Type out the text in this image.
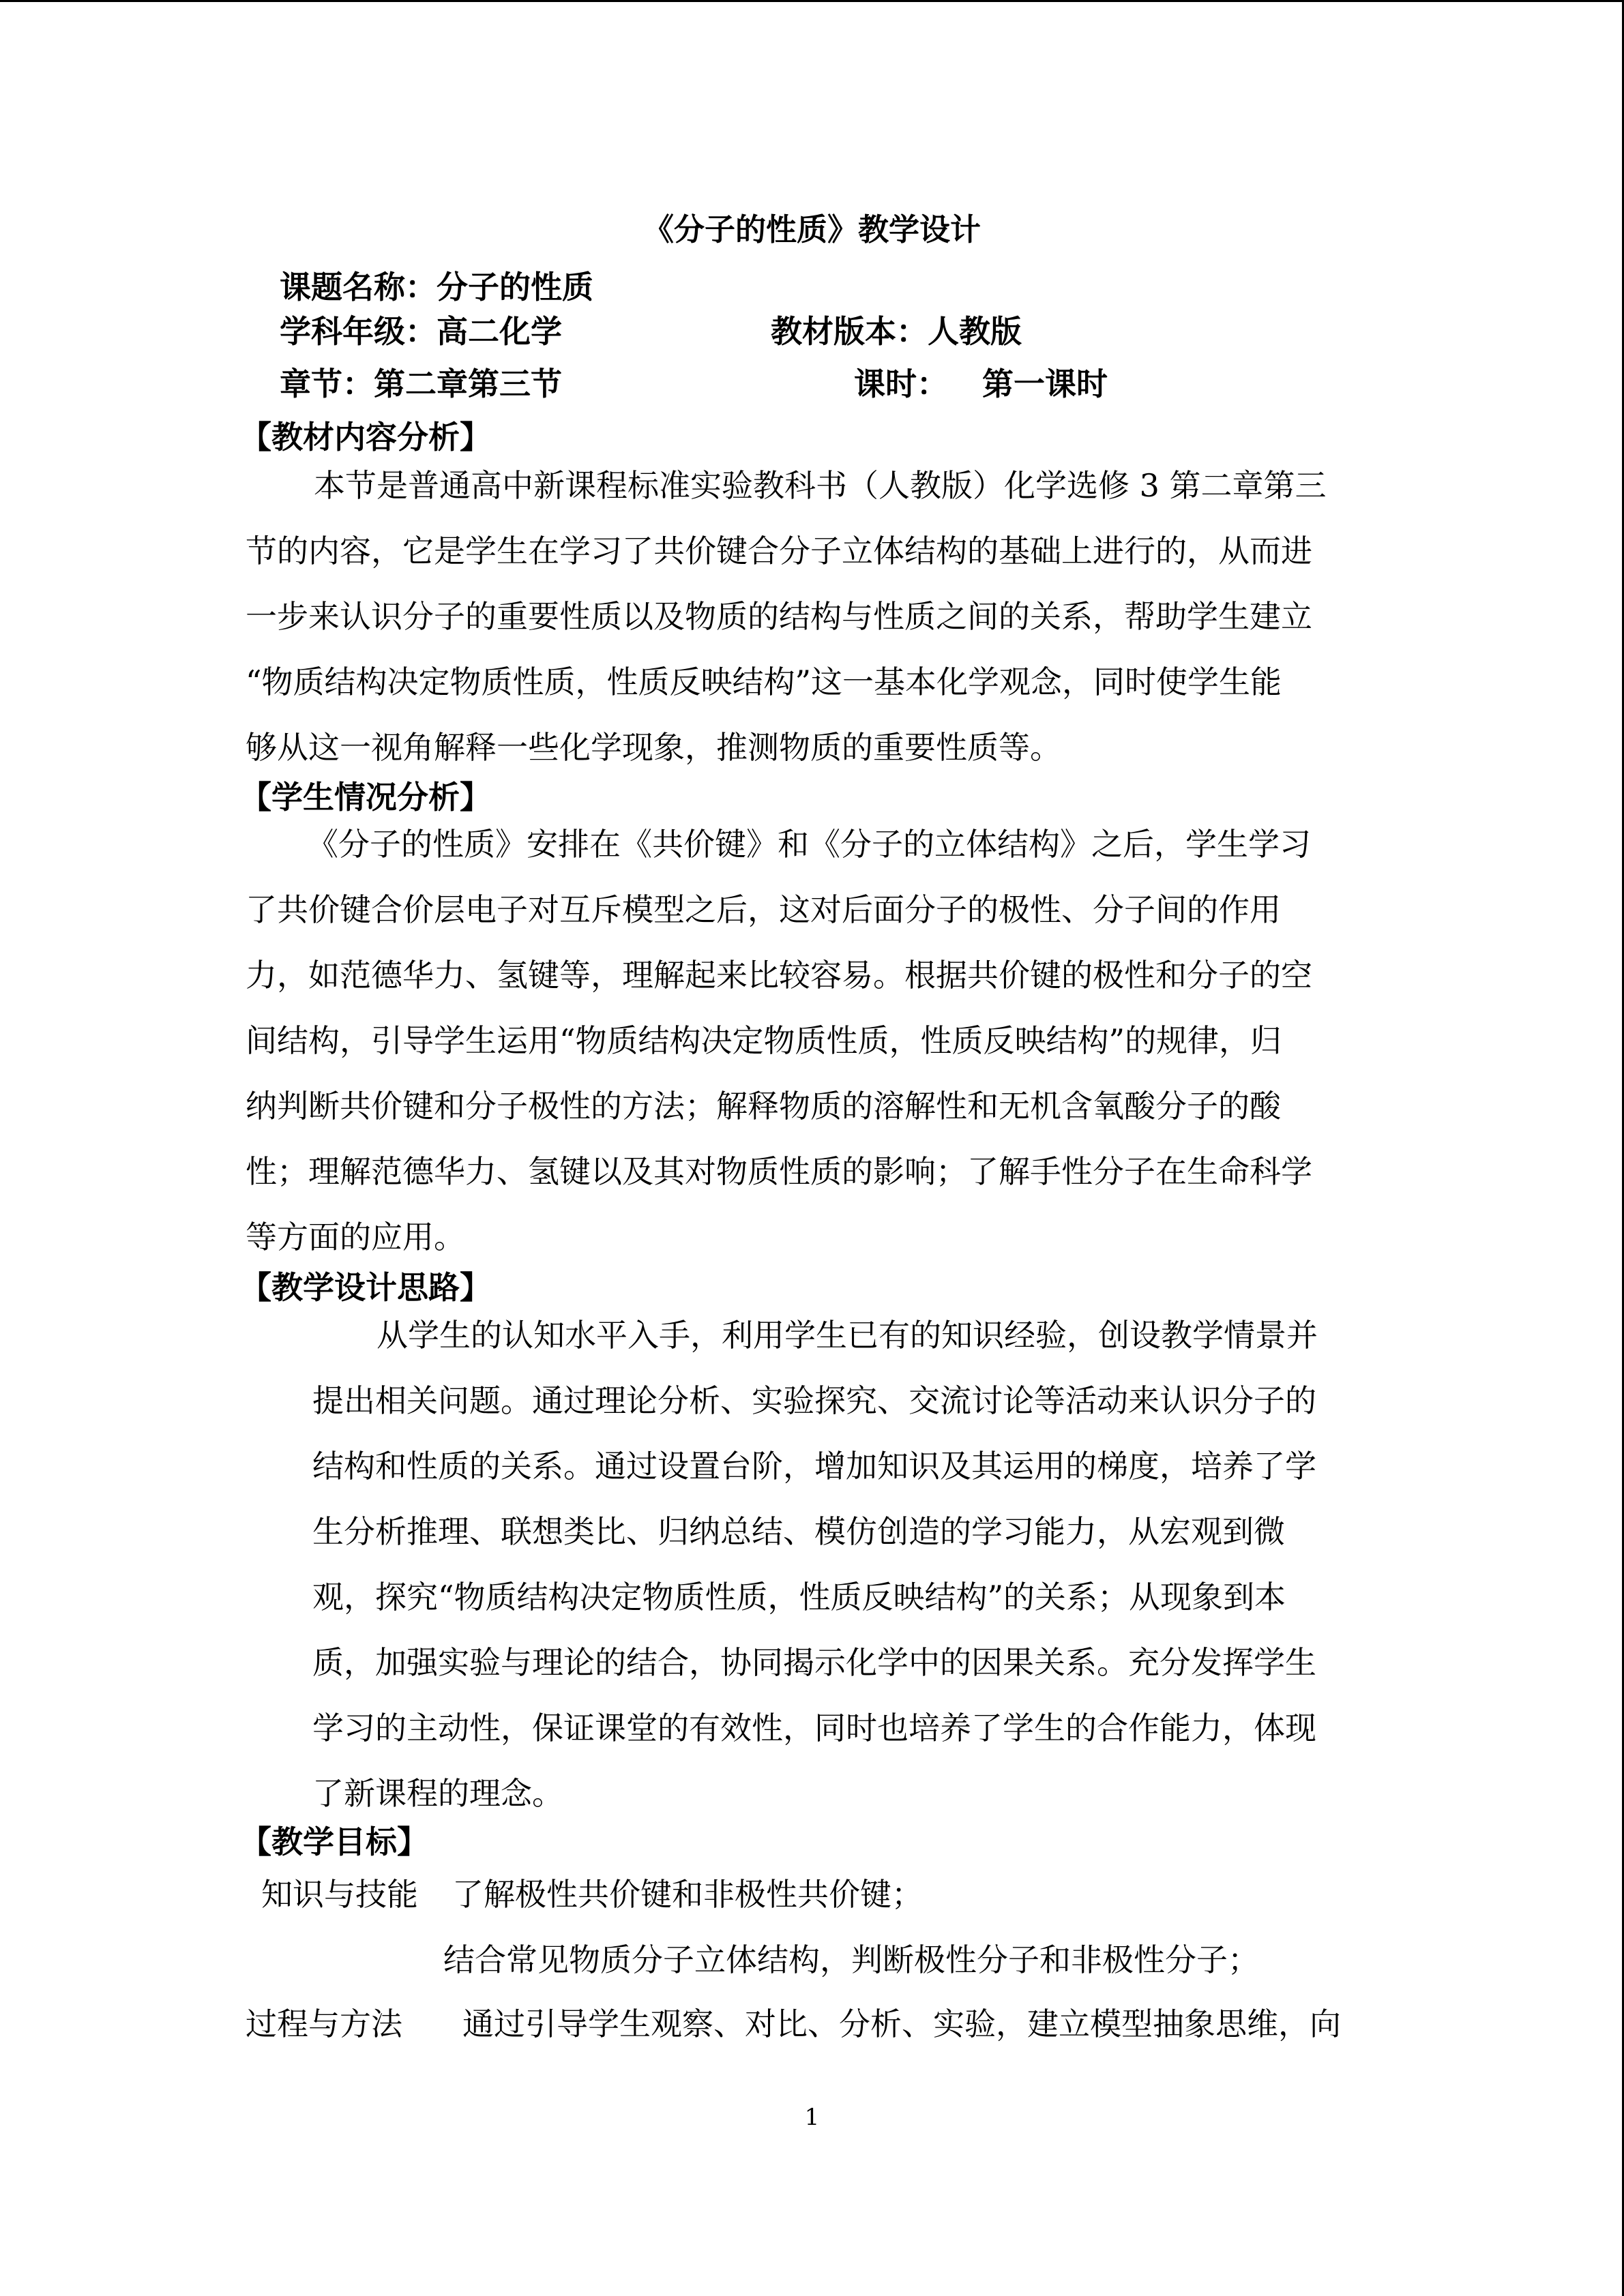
《分子的性质》教学设计
课题名称：分子的性质
学科年级：高二化学	教材版本：人教版
章节：第二章第三节	课时： 第一课时
【教材内容分析】
本节是普通高中新课程标准实验教科书（人教版）化学选修 3 第二章第三
节的内容，它是学生在学习了共价键合分子立体结构的基础上进行的，从而进
一步来认识分子的重要性质以及物质的结构与性质之间的关系，帮助学生建立
“物质结构决定物质性质，性质反映结构”这一基本化学观念，同时使学生能
够从这一视角解释一些化学现象，推测物质的重要性质等。
【学生情况分析】
《分子的性质》安排在《共价键》和《分子的立体结构》之后，学生学习
了共价键合价层电子对互斥模型之后，这对后面分子的极性、分子间的作用
力，如范德华力、氢键等，理解起来比较容易。根据共价键的极性和分子的空
间结构，引导学生运用“物质结构决定物质性质，性质反映结构”的规律，归
纳判断共价键和分子极性的方法；解释物质的溶解性和无机含氧酸分子的酸
性；理解范德华力、氢键以及其对物质性质的影响；了解手性分子在生命科学
等方面的应用。
【教学设计思路】
从学生的认知水平入手，利用学生已有的知识经验，创设教学情景并
提出相关问题。通过理论分析、实验探究、交流讨论等活动来认识分子的
结构和性质的关系。通过设置台阶，增加知识及其运用的梯度，培养了学
生分析推理、联想类比、归纳总结、模仿创造的学习能力，从宏观到微
观，探究“物质结构决定物质性质，性质反映结构”的关系；从现象到本
质，加强实验与理论的结合，协同揭示化学中的因果关系。充分发挥学生
学习的主动性，保证课堂的有效性，同时也培养了学生的合作能力，体现
了新课程的理念。
【教学目标】
知识与技能 了解极性共价键和非极性共价键；
结合常见物质分子立体结构，判断极性分子和非极性分子；
过程与方法 通过引导学生观察、对比、分析、实验，建立模型抽象思维，向
1
